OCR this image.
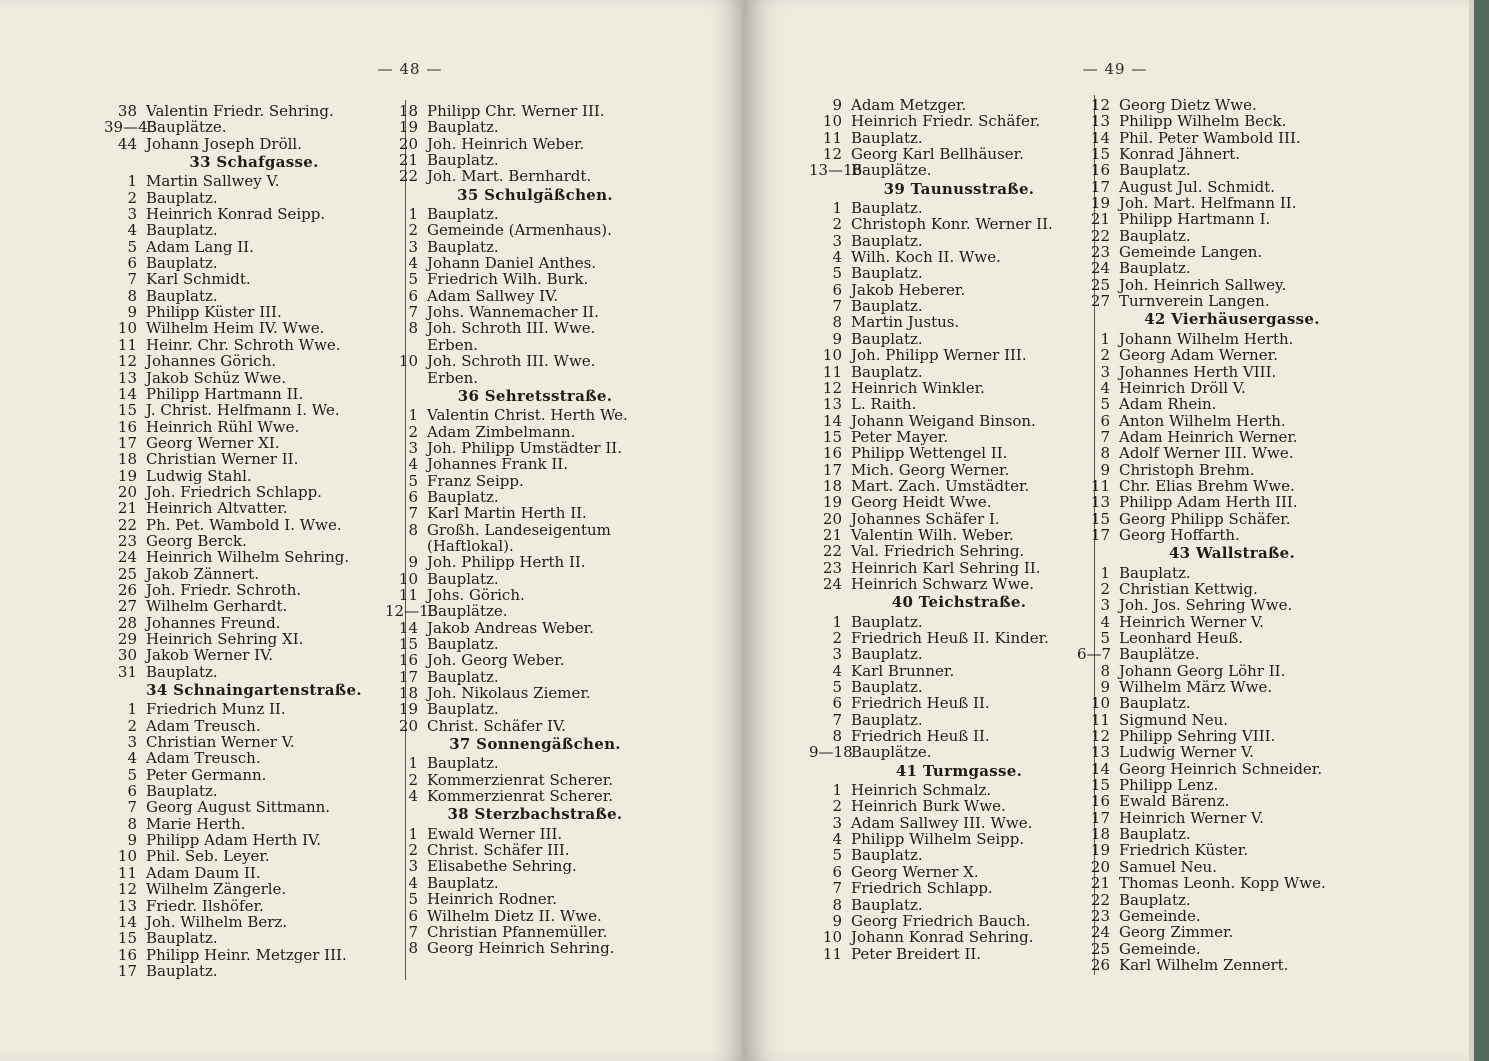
— 48 —
38 Valentin Friedr. Sehring.
39—43
Bauplätze.
44 Johann Joseph Dröll.
33 Schafgasse.
1 Martin Sallwey V.
2 Bauplatz.
3 Heinrich Konrad Seipp.
4 Bauplatz.
5 Adam Lang II.
6 Bauplatz.
7 Karl Schmidt.
8 Bauplatz.
9 Philipp Küster III.
10 Wilhelm Heim IV. Wwe.
11 Heinr. Chr. Schroth Wwe.
12 Johannes Görich.
13 Jakob Schüz Wwe.
14 Philipp Hartmann II.
15 J. Christ. Helfmann I. We.
16 Heinrich Rühl Wwe.
17 Georg Werner XI.
18 Christian Werner II.
19 Ludwig Stahl.
20 Joh. Friedrich Schlapp.
21 Heinrich Altvatter.
22 Ph. Pet. Wambold I. Wwe.
23 Georg Berck.
24 Heinrich Wilhelm Sehring.
25 Jakob Zännert.
26 Joh. Friedr. Schroth.
27 Wilhelm Gerhardt.
28 Johannes Freund.
29 Heinrich Sehring XI.
30 Jakob Werner IV.
31 Bauplatz.
34 Schnaingartenstraße.
1 Friedrich Munz II.
2 Adam Treusch.
3 Christian Werner V.
4 Adam Treusch.
5 Peter Germann.
6 Bauplatz.
7 Georg August Sittmann.
8 Marie Herth.
9 Philipp Adam Herth IV.
10 Phil. Seb. Leyer.
11 Adam Daum II.
12 Wilhelm Zängerle.
13 Friedr. Ilshöfer.
14 Joh. Wilhelm Berz.
15 Bauplatz.
16 Philipp Heinr. Metzger III.
17 Bauplatz.
18 Philipp Chr. Werner III.
19 Bauplatz.
20 Joh. Heinrich Weber.
21 Bauplatz.
22 Joh. Mart. Bernhardt.
35 Schulgäßchen.
1 Bauplatz.
2 Gemeinde (Armenhaus).
3 Bauplatz.
4 Johann Daniel Anthes.
5 Friedrich Wilh. Burk.
6 Adam Sallwey IV.
7 Johs. Wannemacher II.
8 Joh. Schroth III. Wwe.
Erben.
10 Joh. Schroth III. Wwe.
Erben.
36 Sehretsstraße.
1 Valentin Christ. Herth We.
2 Adam Zimbelmann.
3 Joh. Philipp Umstädter II.
4 Johannes Frank II.
5 Franz Seipp.
6 Bauplatz.
7 Karl Martin Herth II.
8 Großh. Landeseigentum
(Haftlokal).
9 Joh. Philipp Herth II.
10 Bauplatz.
11 Johs. Görich.
12—13
Bauplätze.
14 Jakob Andreas Weber.
15 Bauplatz.
16 Joh. Georg Weber.
17 Bauplatz.
18 Joh. Nikolaus Ziemer.
19 Bauplatz.
20 Christ. Schäfer IV.
37 Sonnengäßchen.
1 Bauplatz.
2 Kommerzienrat Scherer.
4 Kommerzienrat Scherer.
38 Sterzbachstraße.
1 Ewald Werner III.
2 Christ. Schäfer III.
3 Elisabethe Sehring.
4 Bauplatz.
5 Heinrich Rodner.
6 Wilhelm Dietz II. Wwe.
7 Christian Pfannemüller.
8 Georg Heinrich Sehring.
— 49 —
9 Adam Metzger.
10 Heinrich Friedr. Schäfer.
11 Bauplatz.
12 Georg Karl Bellhäuser.
13—16
Bauplätze.
39 Taunusstraße.
1 Bauplatz.
2 Christoph Konr. Werner II.
3 Bauplatz.
4 Wilh. Koch II. Wwe.
5 Bauplatz.
6 Jakob Heberer.
7 Bauplatz.
8 Martin Justus.
9 Bauplatz.
10 Joh. Philipp Werner III.
11 Bauplatz.
12 Heinrich Winkler.
13 L. Raith.
14 Johann Weigand Binson.
15 Peter Mayer.
16 Philipp Wettengel II.
17 Mich. Georg Werner.
18 Mart. Zach. Umstädter.
19 Georg Heidt Wwe.
20 Johannes Schäfer I.
21 Valentin Wilh. Weber.
22 Val. Friedrich Sehring.
23 Heinrich Karl Sehring II.
24 Heinrich Schwarz Wwe.
40 Teichstraße.
1 Bauplatz.
2 Friedrich Heuß II. Kinder.
3 Bauplatz.
4 Karl Brunner.
5 Bauplatz.
6 Friedrich Heuß II.
7 Bauplatz.
8 Friedrich Heuß II.
9—18
Bauplätze.
41 Turmgasse.
1 Heinrich Schmalz.
2 Heinrich Burk Wwe.
3 Adam Sallwey III. Wwe.
4 Philipp Wilhelm Seipp.
5 Bauplatz.
6 Georg Werner X.
7 Friedrich Schlapp.
8 Bauplatz.
9 Georg Friedrich Bauch.
10 Johann Konrad Sehring.
11 Peter Breidert II.
12 Georg Dietz Wwe.
13 Philipp Wilhelm Beck.
14 Phil. Peter Wambold III.
15 Konrad Jähnert.
16 Bauplatz.
17 August Jul. Schmidt.
19 Joh. Mart. Helfmann II.
21 Philipp Hartmann I.
22 Bauplatz.
23 Gemeinde Langen.
24 Bauplatz.
25 Joh. Heinrich Sallwey.
27 Turnverein Langen.
42 Vierhäusergasse.
1 Johann Wilhelm Herth.
2 Georg Adam Werner.
3 Johannes Herth VIII.
4 Heinrich Dröll V.
5 Adam Rhein.
6 Anton Wilhelm Herth.
7 Adam Heinrich Werner.
8 Adolf Werner III. Wwe.
9 Christoph Brehm.
11 Chr. Elias Brehm Wwe.
13 Philipp Adam Herth III.
15 Georg Philipp Schäfer.
17 Georg Hoffarth.
43 Wallstraße.
1 Bauplatz.
2 Christian Kettwig.
3 Joh. Jos. Sehring Wwe.
4 Heinrich Werner V.
5 Leonhard Heuß.
6—7 Bauplätze.
8 Johann Georg Löhr II.
9 Wilhelm März Wwe.
10 Bauplatz.
11 Sigmund Neu.
12 Philipp Sehring VIII.
13 Ludwig Werner V.
14 Georg Heinrich Schneider.
15 Philipp Lenz.
16 Ewald Bärenz.
17 Heinrich Werner V.
18 Bauplatz.
19 Friedrich Küster.
20 Samuel Neu.
21 Thomas Leonh. Kopp Wwe.
22 Bauplatz.
23 Gemeinde.
24 Georg Zimmer.
25 Gemeinde.
26 Karl Wilhelm Zennert.
